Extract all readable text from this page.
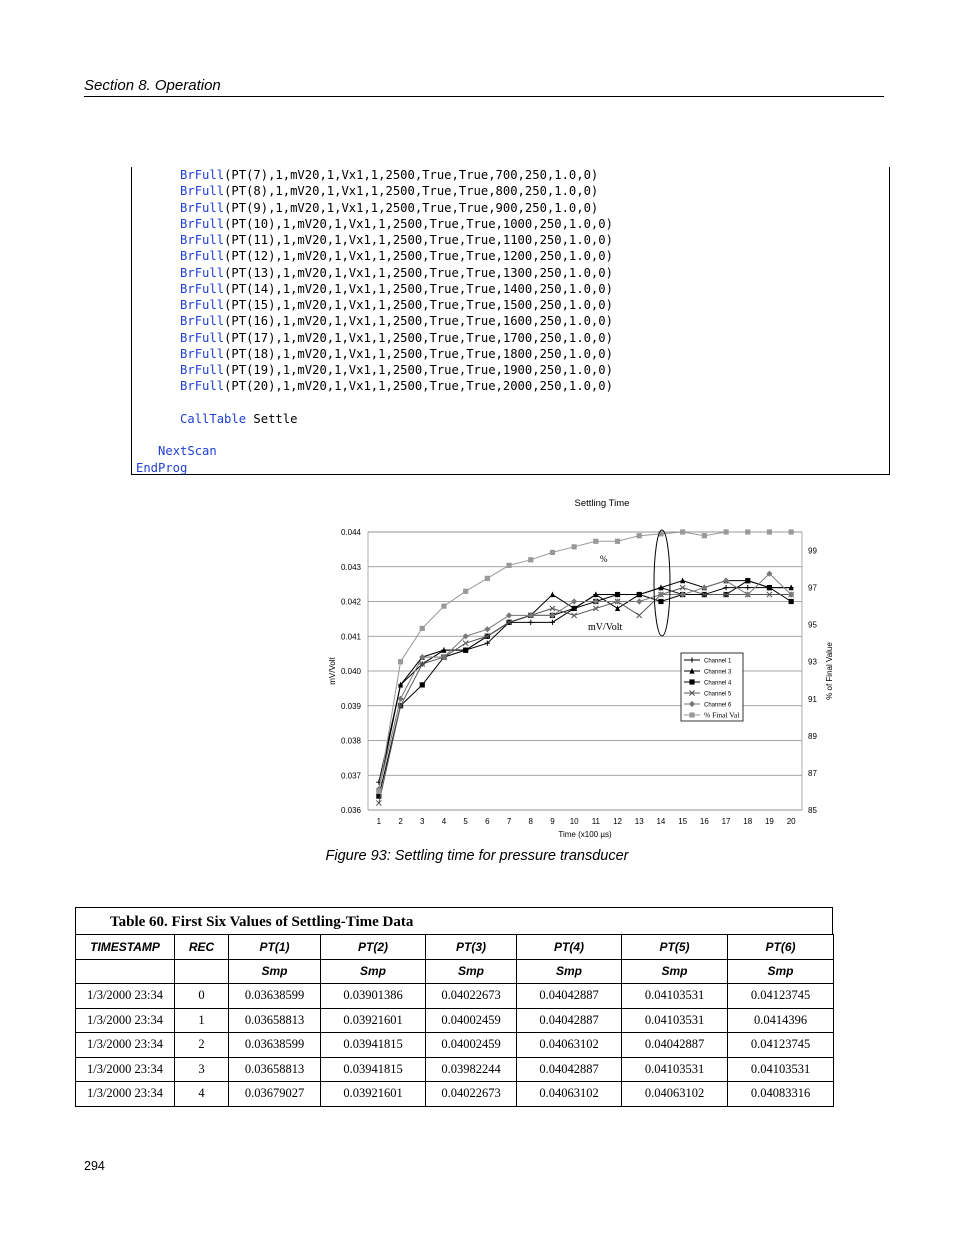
Section 8. Operation
BrFull(PT(7),1,mV20,1,Vx1,1,2500,True,True,700,250,1.0,0)
BrFull(PT(8),1,mV20,1,Vx1,1,2500,True,True,800,250,1.0,0)
BrFull(PT(9),1,mV20,1,Vx1,1,2500,True,True,900,250,1.0,0)
BrFull(PT(10),1,mV20,1,Vx1,1,2500,True,True,1000,250,1.0,0)
BrFull(PT(11),1,mV20,1,Vx1,1,2500,True,True,1100,250,1.0,0)
BrFull(PT(12),1,mV20,1,Vx1,1,2500,True,True,1200,250,1.0,0)
BrFull(PT(13),1,mV20,1,Vx1,1,2500,True,True,1300,250,1.0,0)
BrFull(PT(14),1,mV20,1,Vx1,1,2500,True,True,1400,250,1.0,0)
BrFull(PT(15),1,mV20,1,Vx1,1,2500,True,True,1500,250,1.0,0)
BrFull(PT(16),1,mV20,1,Vx1,1,2500,True,True,1600,250,1.0,0)
BrFull(PT(17),1,mV20,1,Vx1,1,2500,True,True,1700,250,1.0,0)
BrFull(PT(18),1,mV20,1,Vx1,1,2500,True,True,1800,250,1.0,0)
BrFull(PT(19),1,mV20,1,Vx1,1,2500,True,True,1900,250,1.0,0)
BrFull(PT(20),1,mV20,1,Vx1,1,2500,True,True,2000,250,1.0,0)
CallTable Settle
NextScan
EndProg
0.036
0.037
0.038
0.039
0.040
0.041
0.042
0.043
0.044
85
87
89
91
93
95
97
99
1 2 3 4 5 6 7 8 9 10 11 12 13 14 15 16 17 18 19 20
Settling Time
Time (x100 µs)
mV/Volt	% of Final Value
%
mV/Volt
Channel 1
Channel 3
Channel 4
Channel 5
Channel 6
% Final Val
Figure 93: Settling time for pressure transducer
Table 60. First Six Values of Settling-Time Data
TIMESTAMP	REC	PT(1)	PT(2)	PT(3)	PT(4)	PT(5)	PT(6)
		Smp	Smp	Smp	Smp	Smp	Smp
1/3/2000 23:34	0	0.03638599	0.03901386	0.04022673	0.04042887	0.04103531	0.04123745
1/3/2000 23:34	1	0.03658813	0.03921601	0.04002459	0.04042887	0.04103531	0.0414396
1/3/2000 23:34	2	0.03638599	0.03941815	0.04002459	0.04063102	0.04042887	0.04123745
1/3/2000 23:34	3	0.03658813	0.03941815	0.03982244	0.04042887	0.04103531	0.04103531
1/3/2000 23:34	4	0.03679027	0.03921601	0.04022673	0.04063102	0.04063102	0.04083316
294
